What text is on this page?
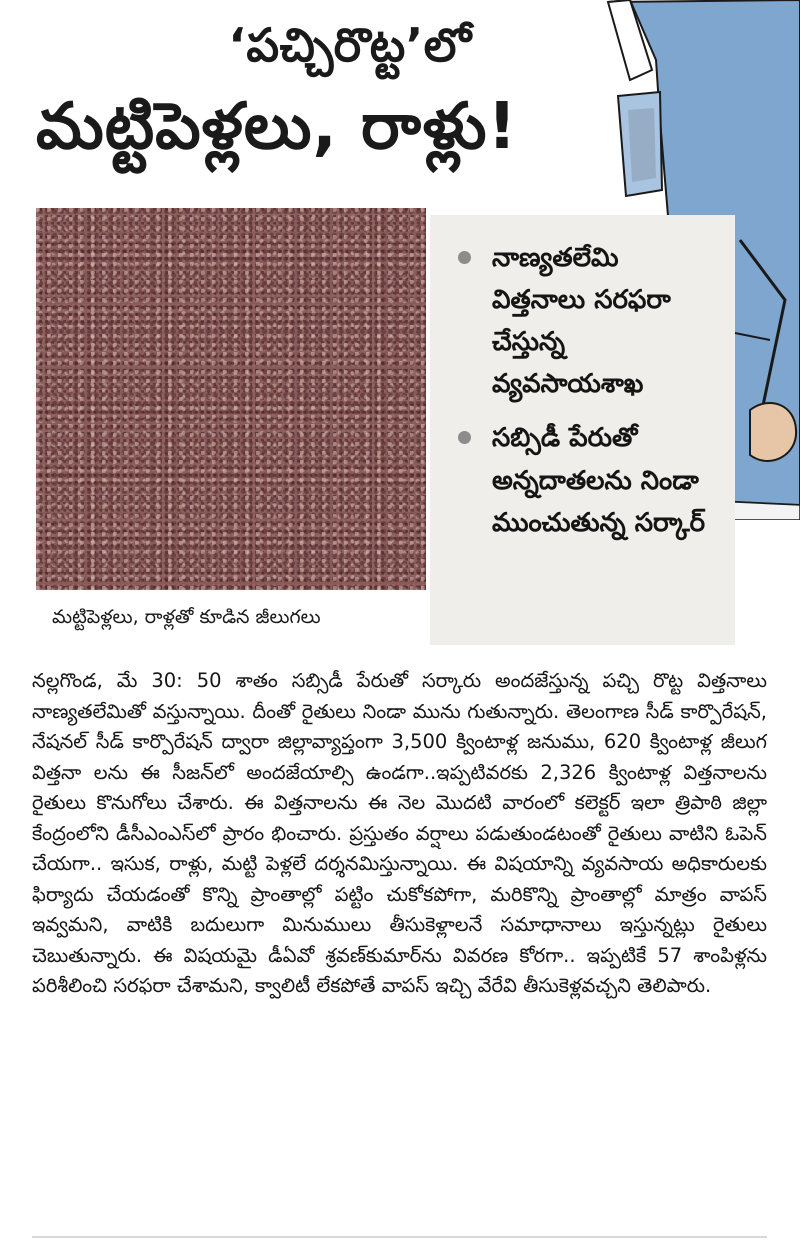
‘పచ్చిరొట్ట’లో
మట్టిపెళ్లలు, రాళ్లు!
మట్టిపెళ్లలు, రాళ్లతో కూడిన జీలుగలు
నాణ్యతలేమి విత్తనాలు సరఫరా చేస్తున్న వ్యవసాయశాఖ
సబ్సిడీ పేరుతో అన్నదాతలను నిండా ముంచుతున్న సర్కార్

నల్లగొండ, మే 30: 50 శాతం సబ్సిడీ పేరుతో సర్కారు అందజేస్తున్న పచ్చి రొట్ట విత్తనాలు నాణ్యతలేమితో వస్తున్నాయి. దీంతో రైతులు నిండా మును గుతున్నారు. తెలంగాణ సీడ్ కార్పొరేషన్, నేషనల్ సీడ్ కార్పొరేషన్ ద్వారా జిల్లావ్యాప్తంగా 3,500 క్వింటాళ్ల జనుము, 620 క్వింటాళ్ల జీలుగ విత్తనా లను ఈ సీజన్‌లో అందజేయాల్సి ఉండగా..ఇప్పటివరకు 2,326 క్వింటాళ్ల విత్తనాలను రైతులు కొనుగోలు చేశారు. ఈ విత్తనాలను ఈ నెల మొదటి వారంలో కలెక్టర్ ఇలా త్రిపాఠి జిల్లా కేంద్రంలోని డీసీఎంఎస్‌లో ప్రారం భించారు. ప్రస్తుతం వర్షాలు పడుతుండటంతో రైతులు వాటిని ఓపెన్ చేయగా.. ఇసుక, రాళ్లు, మట్టి పెళ్లలే దర్శనమిస్తున్నాయి. ఈ విషయాన్ని వ్యవసాయ అధికారులకు ఫిర్యాదు చేయడంతో కొన్ని ప్రాంతాల్లో పట్టిం చుకోకపోగా, మరికొన్ని ప్రాంతాల్లో మాత్రం వాపస్ ఇవ్వమని, వాటికి బదులుగా మినుములు తీసుకెళ్లాలనే సమాధానాలు ఇస్తున్నట్లు రైతులు చెబుతున్నారు. ఈ విషయమై డీఏవో శ్రవణ్‌కుమార్‌ను వివరణ కోరగా.. ఇప్పటికే 57 శాంపిళ్లను పరిశీలించి సరఫరా చేశామని, క్వాలిటీ లేకపోతే వాపస్ ఇచ్చి వేరేవి తీసుకెళ్లవచ్చని తెలిపారు.
